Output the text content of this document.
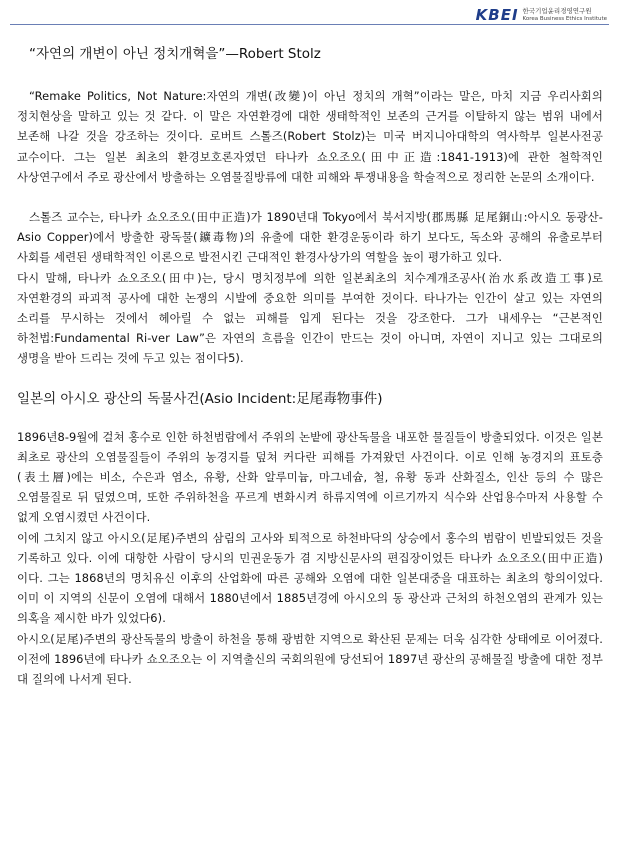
KBEI 한국기업윤리경영연구원
Korea Business Ethics Institute
“자연의 개변이 아닌 정치개혁을”—Robert Stolz

“Remake Politics, Not Nature:자연의 개변(改變)이 아닌 정치의 개혁”이라는 말은, 마치 지금 우리사회의 정치현상을 말하고 있는 것 같다. 이 말은 자연환경에 대한 생태학적인 보존의 근거를 이탈하지 않는 범위 내에서 보존해 나갈 것을 강조하는 것이다. 로버트 스톨즈(Robert Stolz)는 미국 버지니아대학의 역사학부 일본사전공 교수이다. 그는 일본 최초의 환경보호론자였던 타나카 쇼오조오(田中正造:1841-1913)에 관한 철학적인 사상연구에서 주로 광산에서 방출하는 오염물질방류에 대한 피해와 투쟁내용을 학술적으로 정리한 논문의 소개이다.

스톨즈 교수는, 타나카 쇼오조오(田中正造)가 1890년대 Tokyo에서 북서지방(郡馬縣 足尾銅山:아시오 동광산-Asio Copper)에서 방출한 광독물(鑛毒物)의 유출에 대한 환경운동이라 하기 보다도, 독소와 공해의 유출로부터 사회를 세련된 생태학적인 이론으로 발전시킨 근대적인 환경사상가의 역할을 높이 평가하고 있다.

다시 말해, 타나카 쇼오조오(田中)는, 당시 명치정부에 의한 일본최초의 치수계개조공사(治水系改造工事)로 자연환경의 파괴적 공사에 대한 논쟁의 시발에 중요한 의미를 부여한 것이다. 타나가는 인간이 살고 있는 자연의 소리를 무시하는 것에서 헤아릴 수 없는 피해를 입게 된다는 것을 강조한다. 그가 내세우는 “근본적인 하천법:Fundamental Ri-ver Law”은 자연의 흐름을 인간이 만드는 것이 아니며, 자연이 지니고 있는 그대로의 생명을 받아 드리는 것에 두고 있는 점이다5).

일본의 아시오 광산의 독물사건(Asio Incident:足尾毒物事件)

1896년8-9월에 걸쳐 홍수로 인한 하천범람에서 주위의 논밭에 광산독물을 내포한 물질들이 방출되었다. 이것은 일본 최초로 광산의 오염물질들이 주위의 농경지를 덮쳐 커다란 피해를 가져왔던 사건이다. 이로 인해 농경지의 표토층(表土層)에는 비소, 수은과 염소, 유황, 산화 알루미늄, 마그네슘, 철, 유황 동과 산화질소, 인산 등의 수 많은 오염물질로 뒤 덮였으며, 또한 주위하천을 푸르게 변화시켜 하류지역에 이르기까지 식수와 산업용수마저 사용할 수 없게 오염시켰던 사건이다.

이에 그치지 않고 아시오(足尾)주변의 삼림의 고사와 퇴적으로 하천바닥의 상승에서 홍수의 범람이 빈발되었든 것을 기록하고 있다. 이에 대항한 사람이 당시의 민권운동가 겸 지방신문사의 편집장이었든 타나카 쇼오조오(田中正造)이다. 그는 1868년의 명치유신 이후의 산업화에 따른 공해와 오염에 대한 일본대중을 대표하는 최초의 항의이었다. 이미 이 지역의 신문이 오염에 대해서 1880년에서 1885년경에 아시오의 동 광산과 근처의 하천오염의 관계가 있는 의혹을 제시한 바가 있었다6).

아시오(足尾)주변의 광산독물의 방출이 하천을 통해 광범한 지역으로 확산된 문제는 더욱 심각한 상태에로 이어졌다. 이전에 1896년에 타나카 쇼오조오는 이 지역출신의 국회의원에 당선되어 1897년 광산의 공해물질 방출에 대한 정부 대 질의에 나서게 된다.
